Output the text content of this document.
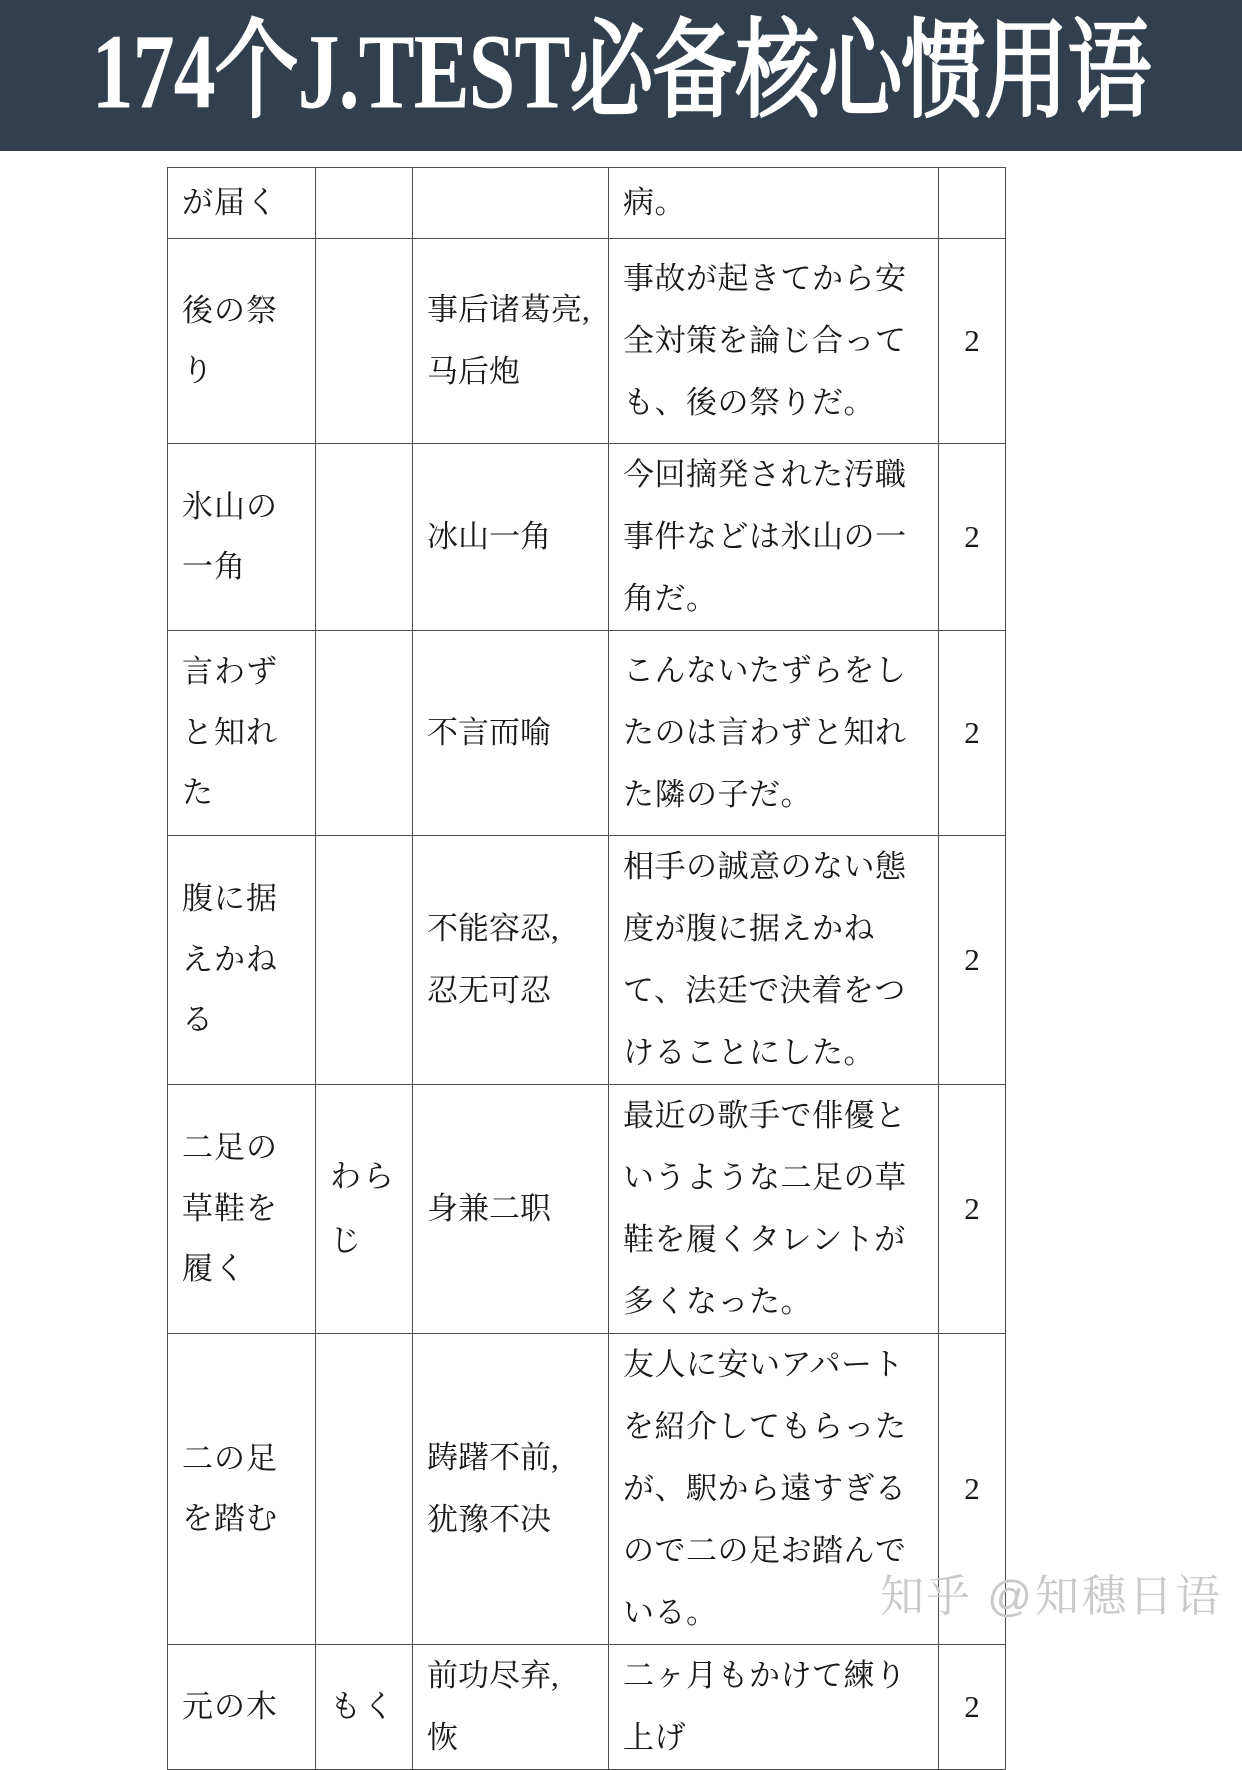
174个J.TEST必备核心惯用语
が届く			病。	
後の祭り		事后诸葛亮, 马后炮	事故が起きてから安全対策を論じ合っても、後の祭りだ。	2
氷山の一角		冰山一角	今回摘発された汚職事件などは氷山の一角だ。	2
言わずと知れた		不言而喻	こんないたずらをしたのは言わずと知れた隣の子だ。	2
腹に据えかねる		不能容忍, 忍无可忍	相手の誠意のない態度が腹に据えかねて、法廷で決着をつけることにした。	2
二足の草鞋を履く	わらじ	身兼二职	最近の歌手で俳優というような二足の草鞋を履くタレントが多くなった。	2
二の足を踏む		踌躇不前, 犹豫不决	友人に安いアパートを紹介してもらったが、駅から遠すぎるので二の足お踏んでいる。	2
元の木	もく	前功尽弃, 恢	二ヶ月もかけて練り上げ	2
知乎 @知穗日语
